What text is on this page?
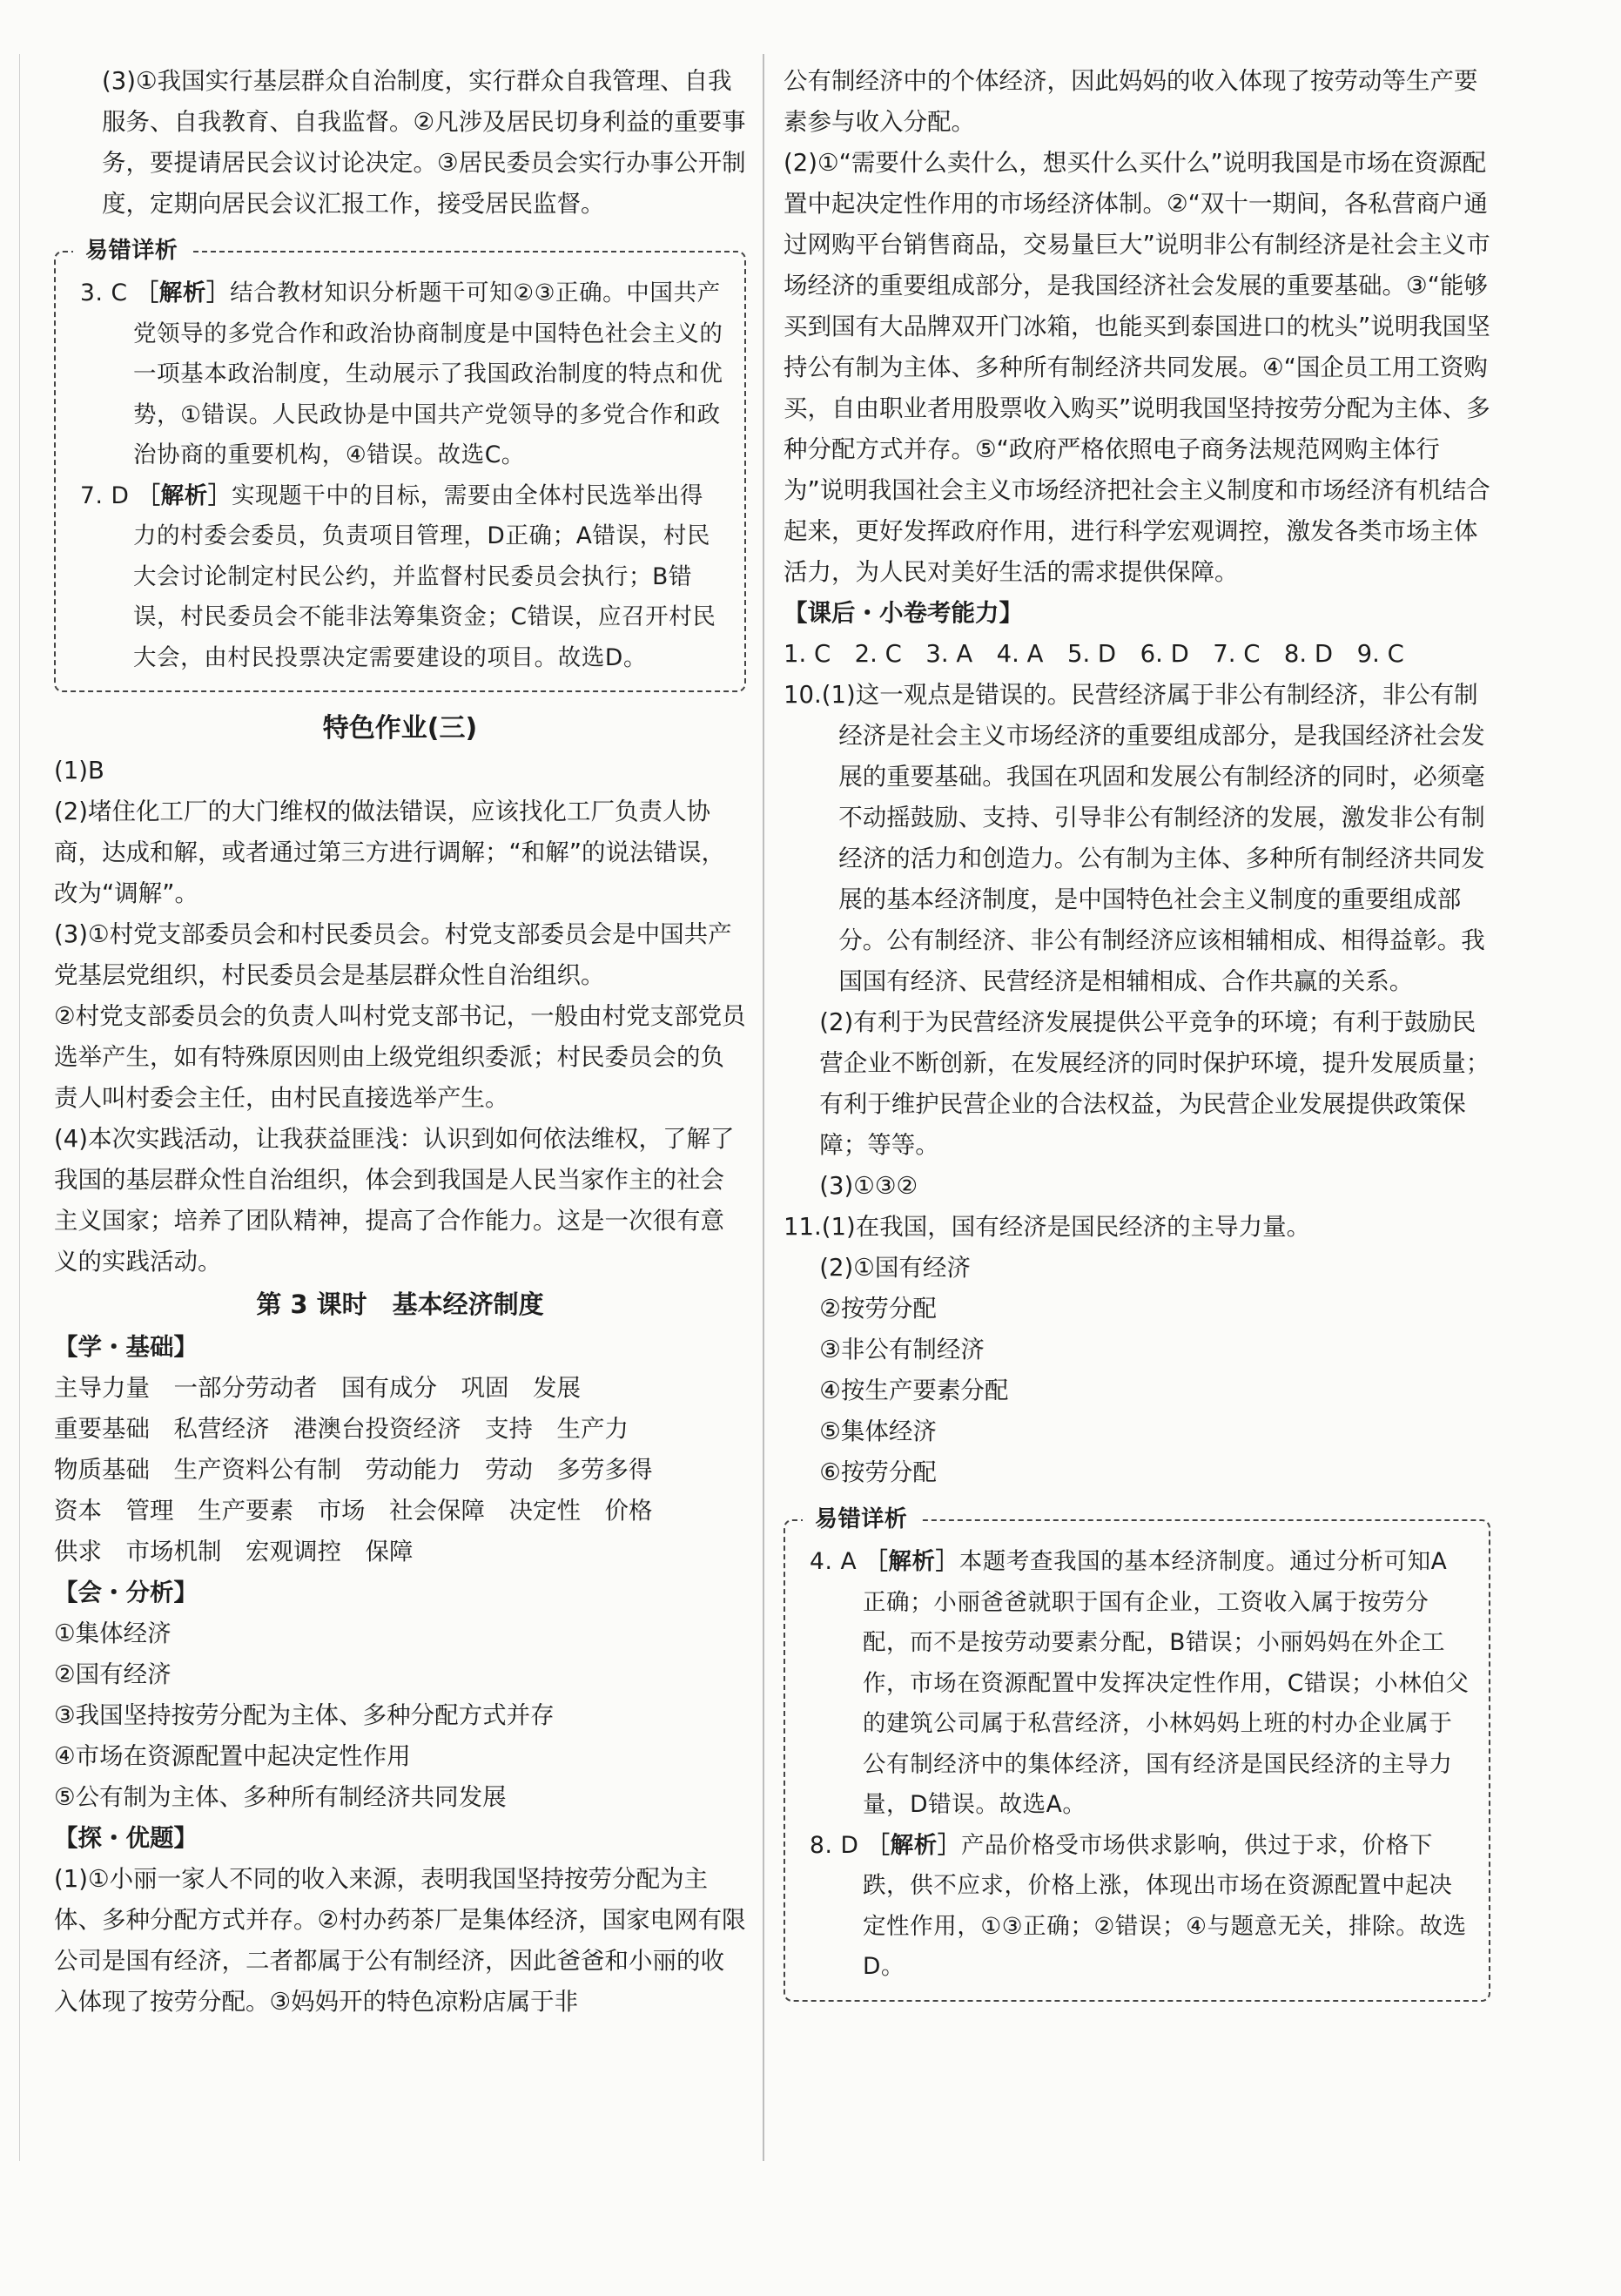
(3)①我国实行基层群众自治制度，实行群众自我管理、自我服务、自我教育、自我监督。②凡涉及居民切身利益的重要事务，要提请居民会议讨论决定。③居民委员会实行办事公开制度，定期向居民会议汇报工作，接受居民监督。

易错详析

3. C ［解析］结合教材知识分析题干可知②③正确。中国共产党领导的多党合作和政治协商制度是中国特色社会主义的一项基本政治制度，生动展示了我国政治制度的特点和优势，①错误。人民政协是中国共产党领导的多党合作和政治协商的重要机构，④错误。故选C。

7. D ［解析］实现题干中的目标，需要由全体村民选举出得力的村委会委员，负责项目管理，D正确；A错误，村民大会讨论制定村民公约，并监督村民委员会执行；B错误，村民委员会不能非法筹集资金；C错误，应召开村民大会，由村民投票决定需要建设的项目。故选D。

特色作业(三)

(1)B

(2)堵住化工厂的大门维权的做法错误，应该找化工厂负责人协商，达成和解，或者通过第三方进行调解；“和解”的说法错误，改为“调解”。

(3)①村党支部委员会和村民委员会。村党支部委员会是中国共产党基层党组织，村民委员会是基层群众性自治组织。

②村党支部委员会的负责人叫村党支部书记，一般由村党支部党员选举产生，如有特殊原因则由上级党组织委派；村民委员会的负责人叫村委会主任，由村民直接选举产生。

(4)本次实践活动，让我获益匪浅：认识到如何依法维权，了解了我国的基层群众性自治组织，体会到我国是人民当家作主的社会主义国家；培养了团队精神，提高了合作能力。这是一次很有意义的实践活动。

第 3 课时　基本经济制度

【学・基础】

主导力量　一部分劳动者　国有成分　巩固　发展

重要基础　私营经济　港澳台投资经济　支持　生产力

物质基础　生产资料公有制　劳动能力　劳动　多劳多得

资本　管理　生产要素　市场　社会保障　决定性　价格

供求　市场机制　宏观调控　保障

【会・分析】

①集体经济

②国有经济

③我国坚持按劳分配为主体、多种分配方式并存

④市场在资源配置中起决定性作用

⑤公有制为主体、多种所有制经济共同发展

【探・优题】

(1)①小丽一家人不同的收入来源，表明我国坚持按劳分配为主体、多种分配方式并存。②村办药茶厂是集体经济，国家电网有限公司是国有经济，二者都属于公有制经济，因此爸爸和小丽的收入体现了按劳分配。③妈妈开的特色凉粉店属于非

公有制经济中的个体经济，因此妈妈的收入体现了按劳动等生产要素参与收入分配。

(2)①“需要什么卖什么，想买什么买什么”说明我国是市场在资源配置中起决定性作用的市场经济体制。②“双十一期间，各私营商户通过网购平台销售商品，交易量巨大”说明非公有制经济是社会主义市场经济的重要组成部分，是我国经济社会发展的重要基础。③“能够买到国有大品牌双开门冰箱，也能买到泰国进口的枕头”说明我国坚持公有制为主体、多种所有制经济共同发展。④“国企员工用工资购买，自由职业者用股票收入购买”说明我国坚持按劳分配为主体、多种分配方式并存。⑤“政府严格依照电子商务法规范网购主体行为”说明我国社会主义市场经济把社会主义制度和市场经济有机结合起来，更好发挥政府作用，进行科学宏观调控，激发各类市场主体活力，为人民对美好生活的需求提供保障。

【课后・小卷考能力】

1. C　2. C　3. A　4. A　5. D　6. D　7. C　8. D　9. C

10.(1)这一观点是错误的。民营经济属于非公有制经济，非公有制经济是社会主义市场经济的重要组成部分，是我国经济社会发展的重要基础。我国在巩固和发展公有制经济的同时，必须毫不动摇鼓励、支持、引导非公有制经济的发展，激发非公有制经济的活力和创造力。公有制为主体、多种所有制经济共同发展的基本经济制度，是中国特色社会主义制度的重要组成部分。公有制经济、非公有制经济应该相辅相成、相得益彰。我国国有经济、民营经济是相辅相成、合作共赢的关系。

(2)有利于为民营经济发展提供公平竞争的环境；有利于鼓励民营企业不断创新，在发展经济的同时保护环境，提升发展质量；有利于维护民营企业的合法权益，为民营企业发展提供政策保障；等等。

(3)①③②

11.(1)在我国，国有经济是国民经济的主导力量。

(2)①国有经济

②按劳分配

③非公有制经济

④按生产要素分配

⑤集体经济

⑥按劳分配

易错详析

4. A ［解析］本题考查我国的基本经济制度。通过分析可知A正确；小丽爸爸就职于国有企业，工资收入属于按劳分配，而不是按劳动要素分配，B错误；小丽妈妈在外企工作，市场在资源配置中发挥决定性作用，C错误；小林伯父的建筑公司属于私营经济，小林妈妈上班的村办企业属于公有制经济中的集体经济，国有经济是国民经济的主导力量，D错误。故选A。

8. D ［解析］产品价格受市场供求影响，供过于求，价格下跌，供不应求，价格上涨，体现出市场在资源配置中起决定性作用，①③正确；②错误；④与题意无关，排除。故选D。
